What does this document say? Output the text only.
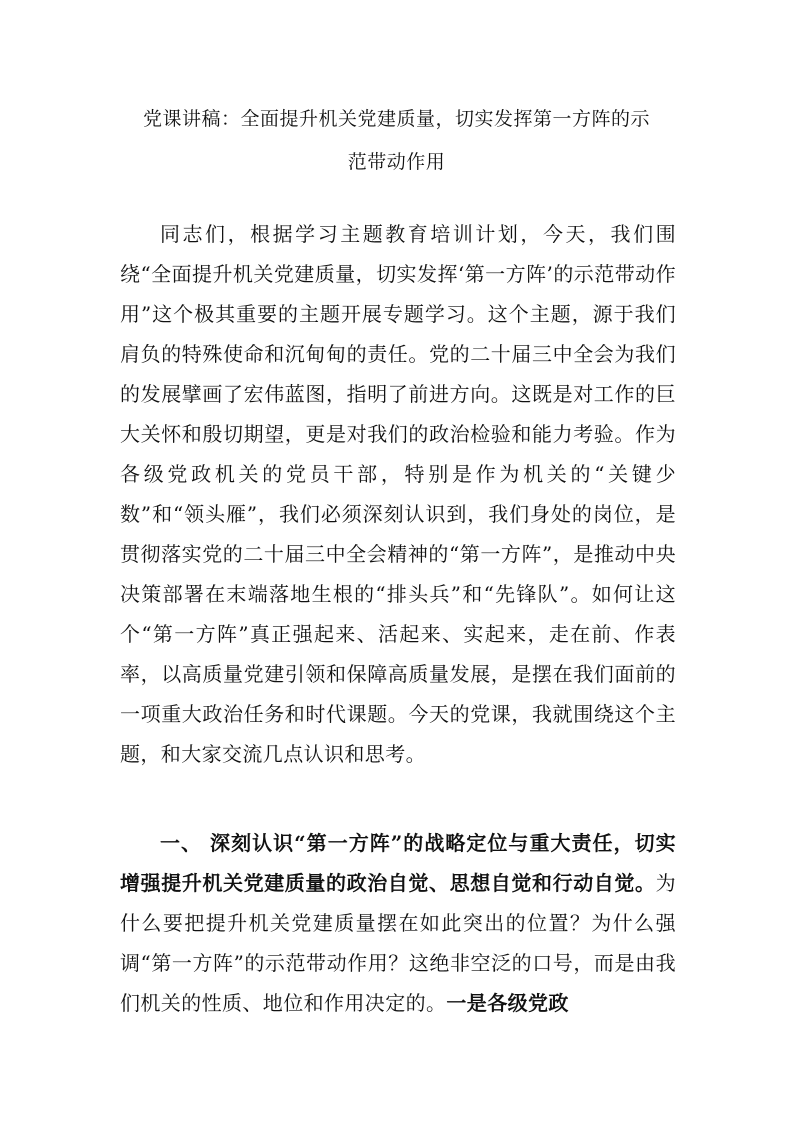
党课讲稿：全面提升机关党建质量，切实发挥第一方阵的示
范带动作用

同志们，根据学习主题教育培训计划，今天，我们围绕“全面提升机关党建质量，切实发挥‘第一方阵’的示范带动作用”这个极其重要的主题开展专题学习。这个主题，源于我们肩负的特殊使命和沉甸甸的责任。党的二十届三中全会为我们的发展擘画了宏伟蓝图，指明了前进方向。这既是对工作的巨大关怀和殷切期望，更是对我们的政治检验和能力考验。作为各级党政机关的党员干部，特别是作为机关的“关键少数”和“领头雁”，我们必须深刻认识到，我们身处的岗位，是贯彻落实党的二十届三中全会精神的“第一方阵”，是推动中央决策部署在末端落地生根的“排头兵”和“先锋队”。如何让这个“第一方阵”真正强起来、活起来、实起来，走在前、作表率，以高质量党建引领和保障高质量发展，是摆在我们面前的一项重大政治任务和时代课题。今天的党课，我就围绕这个主题，和大家交流几点认识和思考。

一、 深刻认识“第一方阵”的战略定位与重大责任，切实增强提升机关党建质量的政治自觉、思想自觉和行动自觉。为什么要把提升机关党建质量摆在如此突出的位置？为什么强调“第一方阵”的示范带动作用？这绝非空泛的口号，而是由我们机关的性质、地位和作用决定的。一是各级党政
